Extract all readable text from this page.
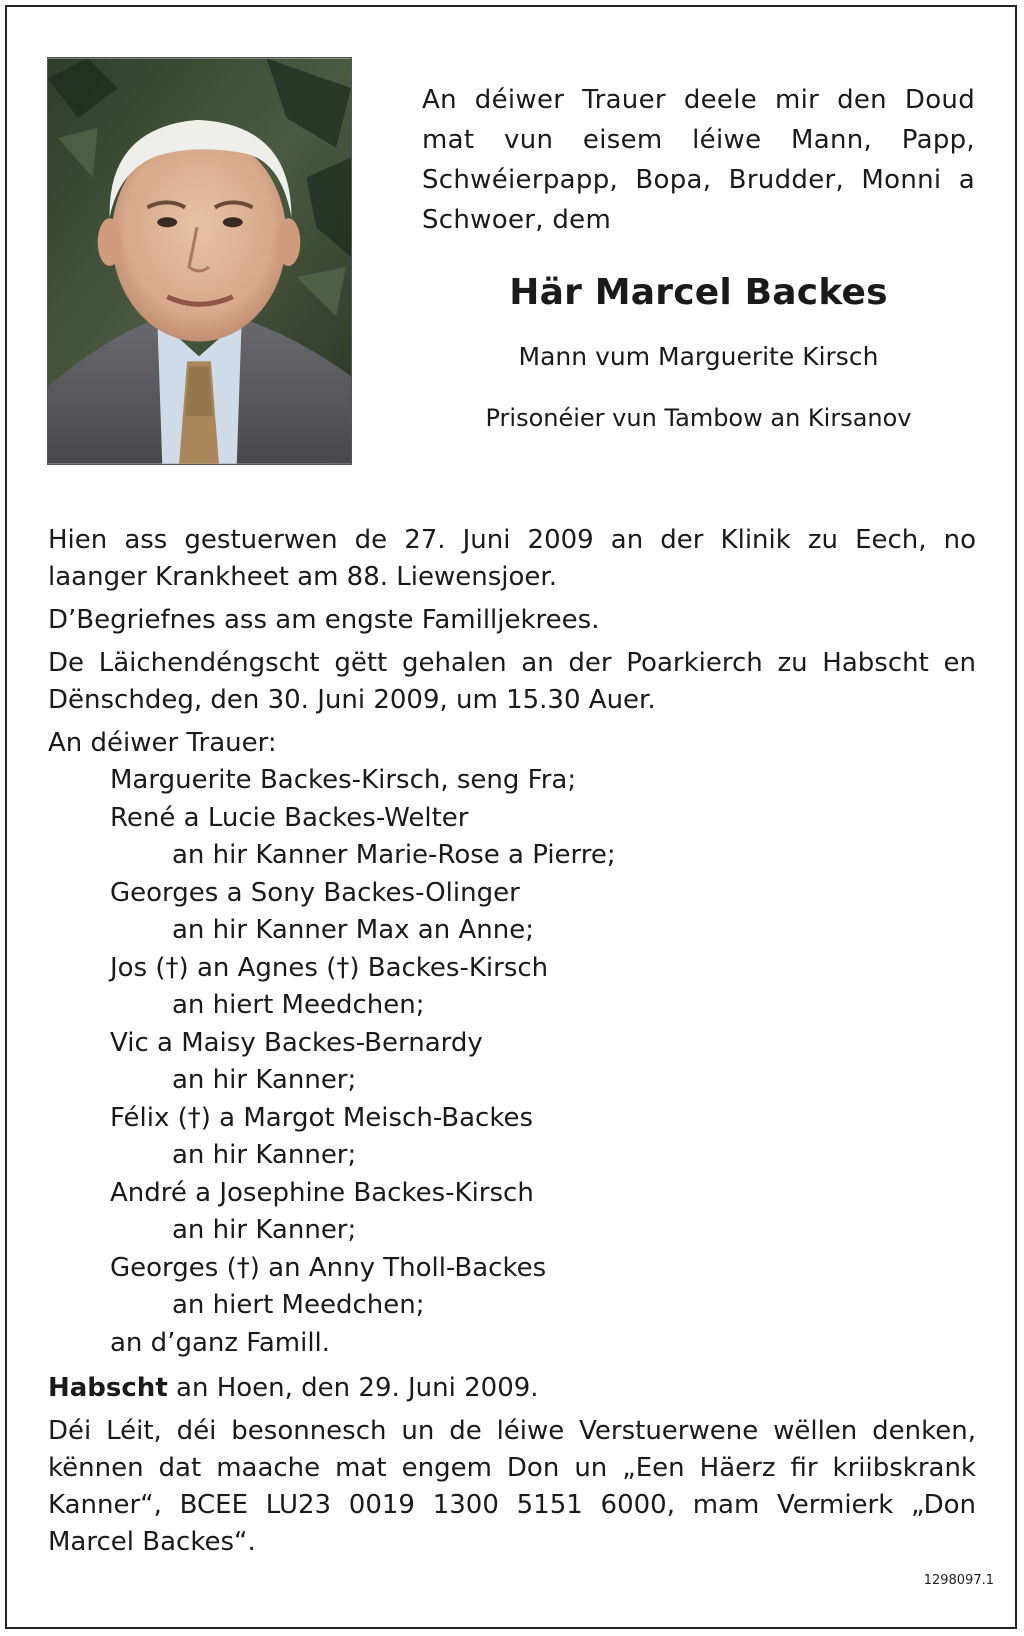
An déiwer Trauer deele mir den Doud mat vun eisem léiwe Mann, Papp, Schwéierpapp, Bopa, Brudder, Monni a Schwoer, dem
Här Marcel Backes
Mann vum Marguerite Kirsch
Prisonéier vun Tambow an Kirsanov

Hien ass gestuerwen de 27. Juni 2009 an der Klinik zu Eech, no laanger Krankheet am 88. Liewensjoer.

D’Begriefnes ass am engste Familljekrees.

De Läichendéngscht gëtt gehalen an der Poarkierch zu Habscht en Dënschdeg, den 30. Juni 2009, um 15.30 Auer.

An déiwer Trauer:

Marguerite Backes-Kirsch, seng Fra;
René a Lucie Backes-Welter
an hir Kanner Marie-Rose a Pierre;
Georges a Sony Backes-Olinger
an hir Kanner Max an Anne;
Jos (†) an Agnes (†) Backes-Kirsch
an hiert Meedchen;
Vic a Maisy Backes-Bernardy
an hir Kanner;
Félix (†) a Margot Meisch-Backes
an hir Kanner;
André a Josephine Backes-Kirsch
an hir Kanner;
Georges (†) an Anny Tholl-Backes
an hiert Meedchen;
an d’ganz Famill.

Habscht an Hoen, den 29. Juni 2009.

Déi Léit, déi besonnesch un de léiwe Verstuerwene wëllen denken, kënnen dat maache mat engem Don un „Een Häerz fir kriibskrank Kanner“, BCEE LU23 0019 1300 5151 6000, mam Vermierk „Don Marcel Backes“.

1298097.1
